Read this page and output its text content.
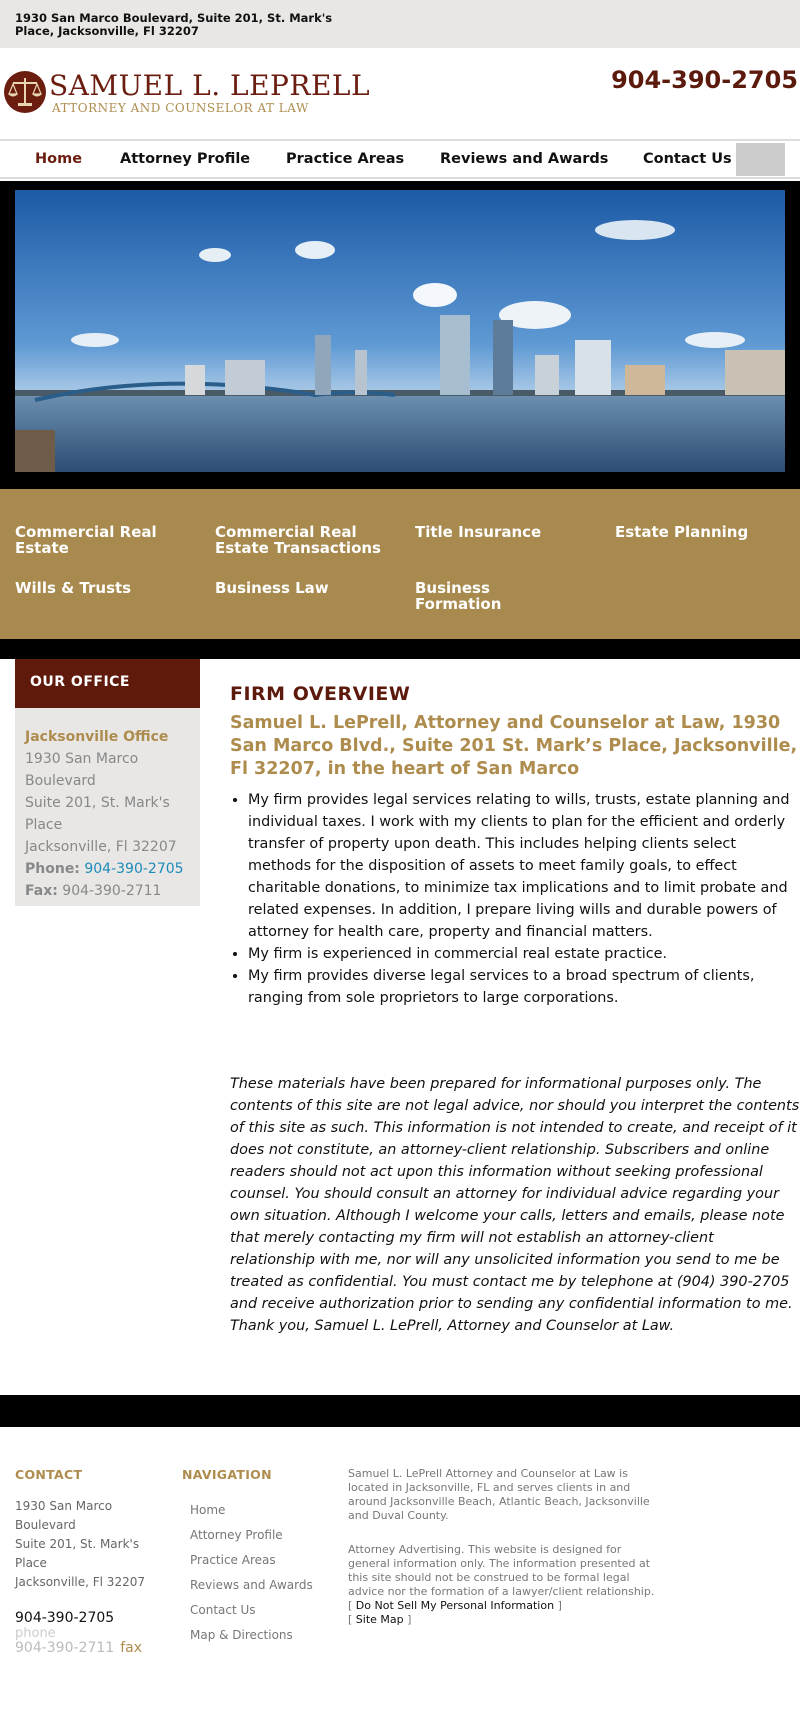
1930 San Marco Boulevard, Suite 201, St. Mark's Place, Jacksonville, Fl 32207
SAMUEL L. LEPRELL
ATTORNEY AND COUNSELOR AT LAW
904-390-2705
Home	Attorney Profile Practice Areas Reviews and Awards Contact Us
Commercial Real Estate
Commercial Real Estate Transactions
Title Insurance	Estate Planning
Wills & Trusts	Business Law	Business Formation
OUR OFFICE
Jacksonville Office
1930 San Marco Boulevard
Suite 201, St. Mark's Place
Jacksonville, Fl 32207
Phone: 904-390-2705
Fax: 904-390-2711
FIRM OVERVIEW
Samuel L. LePrell, Attorney and Counselor at Law, 1930 San Marco Blvd., Suite 201 St. Mark’s Place, Jacksonville, Fl 32207, in the heart of San Marco
• My firm provides legal services relating to wills, trusts, estate planning and individual taxes. I work with my clients to plan for the efficient and orderly transfer of property upon death. This includes helping clients select methods for the disposition of assets to meet family goals, to effect charitable donations, to minimize tax implications and to limit probate and related expenses. In addition, I prepare living wills and durable powers of attorney for health care, property and financial matters.
• My firm is experienced in commercial real estate practice.
• My firm provides diverse legal services to a broad spectrum of clients, ranging from sole proprietors to large corporations.
These materials have been prepared for informational purposes only. The contents of this site are not legal advice, nor should you interpret the contents of this site as such. This information is not intended to create, and receipt of it does not constitute, an attorney-client relationship. Subscribers and online readers should not act upon this information without seeking professional counsel. You should consult an attorney for individual advice regarding your own situation. Although I welcome your calls, letters and emails, please note that merely contacting my firm will not establish an attorney-client relationship with me, nor will any unsolicited information you send to me be treated as confidential. You must contact me by telephone at (904) 390-2705 and receive authorization prior to sending any confidential information to me. Thank you, Samuel L. LePrell, Attorney and Counselor at Law.
CONTACT
1930 San Marco Boulevard
Suite 201, St. Mark's Place
Jacksonville, Fl 32207
904-390-2705
phone
904-390-2711 fax
NAVIGATION
Home
Attorney Profile
Practice Areas
Reviews and Awards
Contact Us
Map & Directions
Samuel L. LePrell Attorney and Counselor at Law is located in Jacksonville, FL and serves clients in and around Jacksonville Beach, Atlantic Beach, Jacksonville and Duval County.
Attorney Advertising. This website is designed for general information only. The information presented at this site should not be construed to be formal legal advice nor the formation of a lawyer/client relationship. [ Do Not Sell My Personal Information ]
[ Site Map ]
